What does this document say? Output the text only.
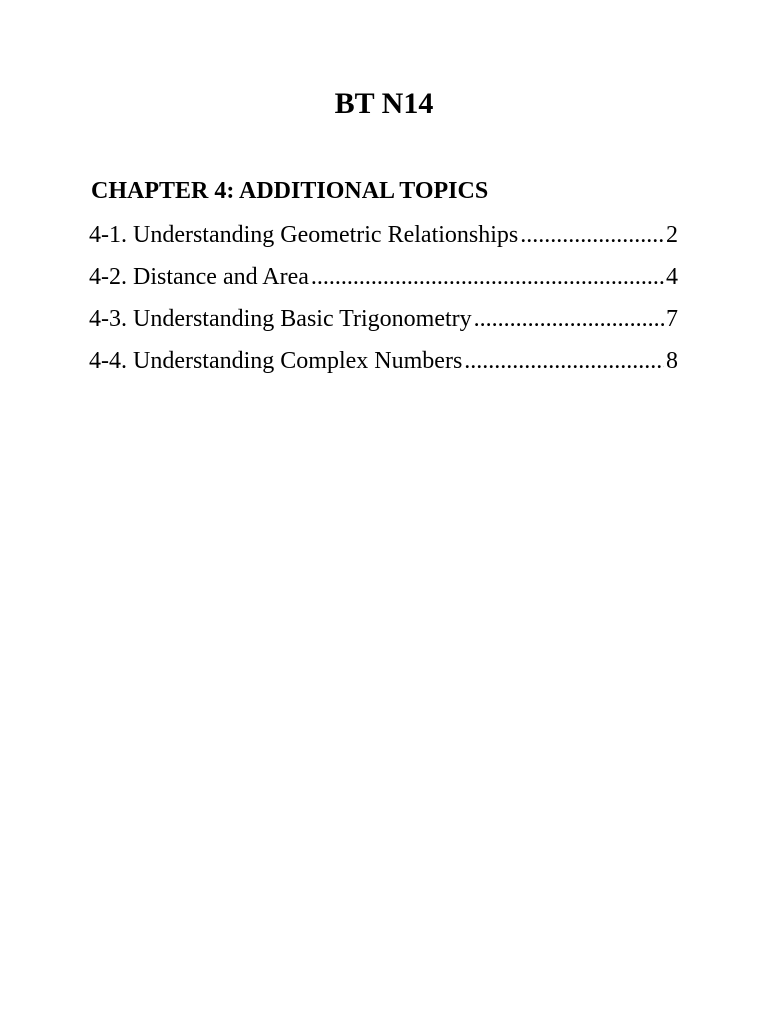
BT N14
CHAPTER 4: ADDITIONAL TOPICS
4-1. Understanding Geometric Relationships .....	2
4-2. Distance and Area .....	4
4-3. Understanding Basic Trigonometry .....	7
4-4. Understanding Complex Numbers .....	8
